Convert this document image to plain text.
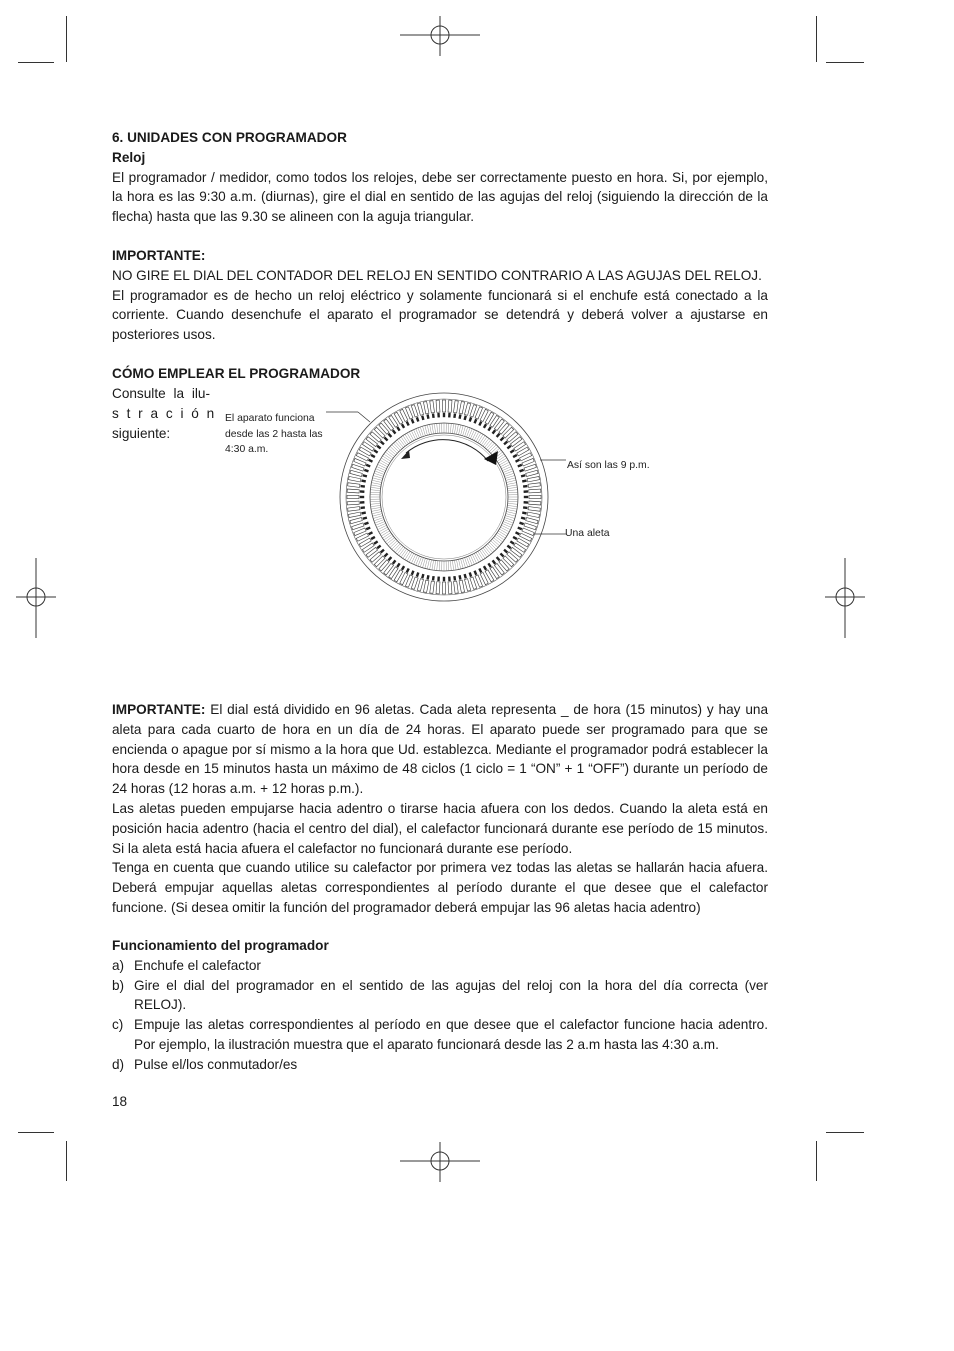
6. UNIDADES CON PROGRAMADOR

Reloj

El programador / medidor, como todos los relojes, debe ser correctamente puesto en hora. Si, por ejemplo, la hora es las 9:30 a.m. (diurnas), gire el dial en sentido de las agujas del reloj (siguiendo la dirección de la flecha) hasta que las 9.30 se alineen con la aguja triangular.

IMPORTANTE:

NO GIRE EL DIAL DEL CONTADOR DEL RELOJ EN SENTIDO CONTRARIO A LAS AGUJAS DEL RELOJ.

El programador es de hecho un reloj eléctrico y solamente funcionará si el enchufe está conectado a la corriente. Cuando desenchufe el aparato el programador se detendrá y deberá volver a ajustarse en posteriores usos.

CÓMO EMPLEAR EL PROGRAMADOR

Consulte la ilu-

stración

siguiente:

El aparato funciona
desde las 2 hasta las
4:30 a.m.
Así son las 9 p.m.
Una aleta

IMPORTANTE: El dial está dividido en 96 aletas. Cada aleta representa _ de hora (15 minutos) y hay una aleta para cada cuarto de hora en un día de 24 horas. El aparato puede ser programado para que se encienda o apague por sí mismo a la hora que Ud. establezca. Mediante el programador podrá establecer la hora desde en 15 minutos hasta un máximo de 48 ciclos (1 ciclo = 1 “ON” + 1 “OFF”) durante un período de 24 horas (12 horas a.m. + 12 horas p.m.).

Las aletas pueden empujarse hacia adentro o tirarse hacia afuera con los dedos. Cuando la aleta está en posición hacia adentro (hacia el centro del dial), el calefactor funcionará durante ese período de 15 minutos. Si la aleta está hacia afuera el calefactor no funcionará durante ese período.

Tenga en cuenta que cuando utilice su calefactor por primera vez todas las aletas se hallarán hacia afuera. Deberá empujar aquellas aletas correspondientes al período durante el que desee que el calefactor funcione. (Si desea omitir la función del programador deberá empujar las 96 aletas hacia adentro)

Funcionamiento del programador

a) Enchufe el calefactor
b) Gire el dial del programador en el sentido de las agujas del reloj con la hora del día correcta (ver RELOJ).
c) Empuje las aletas correspondientes al período en que desee que el calefactor funcione hacia adentro. Por ejemplo, la ilustración muestra que el aparato funcionará desde las 2 a.m hasta las 4:30 a.m.
d) Pulse el/los conmutador/es

18
